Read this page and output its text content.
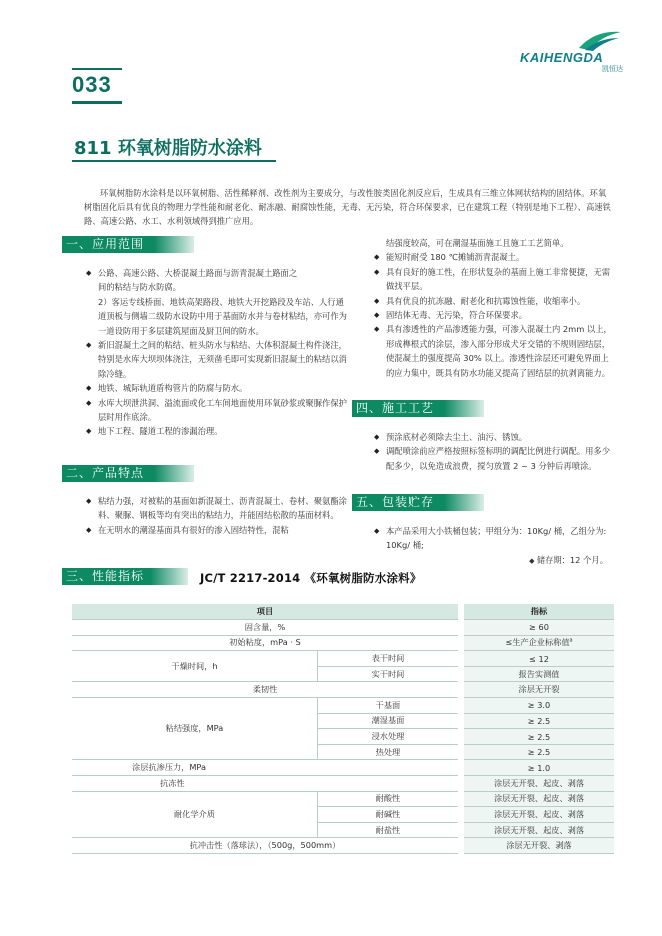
033
KAIHENGDA
凯恒达
811 环氧树脂防水涂料
环氧树脂防水涂料是以环氧树脂、活性稀释剂、改性剂为主要成分，与改性胺类固化剂反应后，生成具有三维立体网状结构的固结体。环氧树脂固化后具有优良的物理力学性能和耐老化、耐冻融、耐腐蚀性能，无毒、无污染，符合环保要求，已在建筑工程（特别是地下工程）、高速铁路、高速公路、水工、水利领域得到推广应用。
一、应用范围
◆ 公路、高速公路、大桥混凝土路面与沥青混凝土路面之
间的粘结与防水防腐。
2）客运专线桥面、地铁高架路段、地铁大开挖路段及车站、人行通道顶板与侧墙二级防水设防中用于基面防水并与卷材粘结，亦可作为一道设防用于多层建筑屋面及厨卫间的防水。
◆ 新旧混凝土之间的粘结、桩头防水与粘结、大体积混凝土构件浇注，特别是水库大坝坝体浇注，无须凿毛即可实现新旧混凝土的粘结以消除冷缝。
◆ 地铁、城际轨道盾构管片的防腐与防水。
◆ 水库大坝泄洪洞、溢流面或化工车间地面使用环氧砂浆或聚脲作保护层时用作底涂。
◆ 地下工程、隧道工程的渗漏治理。
二、产品特点
◆ 粘结力强，对被粘的基面如新混凝土、沥青混凝土、卷材、聚氨酯涂料、聚脲、钢板等均有突出的粘结力，并能固结松散的基面材料。
◆ 在无明水的潮湿基面具有很好的渗入固结特性，混粘
结强度较高，可在潮湿基面施工且施工工艺简单。
◆ 能短时耐受 180 ℃摊铺沥青混凝土。
◆ 具有良好的施工性，在形状复杂的基面上施工非常便捷，无需做找平层。
◆ 具有优良的抗冻融、耐老化和抗霉蚀性能，收缩率小。
◆ 固结体无毒、无污染，符合环保要求。
◆ 具有渗透性的产品渗透能力强，可渗入混凝土内 2mm 以上，形成榫根式的涂层，渗入部分形成犬牙交错的不规则固结层，使混凝土的强度提高 30% 以上。渗透性涂层还可避免界面上的应力集中，既具有防水功能又提高了固结层的抗剥离能力。
四、施工工艺
◆ 预涂底材必须除去尘土、油污、锈蚀。
◆ 调配喷涂前应严格按照标签标明的调配比例进行调配。用多少配多少，以免造成浪费，搅匀放置 2 ~ 3 分钟后再喷涂。
五、包装贮存
◆ 本产品采用大小铁桶包装；甲组分为：10Kg/ 桶，乙组分为: 10Kg/ 桶;
◆ 储存期：12 个月。
三、性能指标	JC/T 2217-2014 《环氧树脂防水涂料》
项目			指标
固含量，%			≥ 60
初始粘度，mPa · S			≤生产企业标称值$^a$
干燥时间，h	表干时间		≤ 12
	实干时间		报告实测值
柔韧性			涂层无开裂
粘结强度，MPa	干基面		≥ 3.0
	潮湿基面		≥ 2.5
	浸水处理		≥ 2.5
	热处理		≥ 2.5
涂层抗渗压力，MPa			≥ 1.0
抗冻性			涂层无开裂、起皮、剥落
耐化学介质	耐酸性		涂层无开裂、起皮、剥落
	耐碱性		涂层无开裂、起皮、剥落
	耐盐性		涂层无开裂、起皮、剥落
抗冲击性（落球法），（500g，500mm）			涂层无开裂、剥落
